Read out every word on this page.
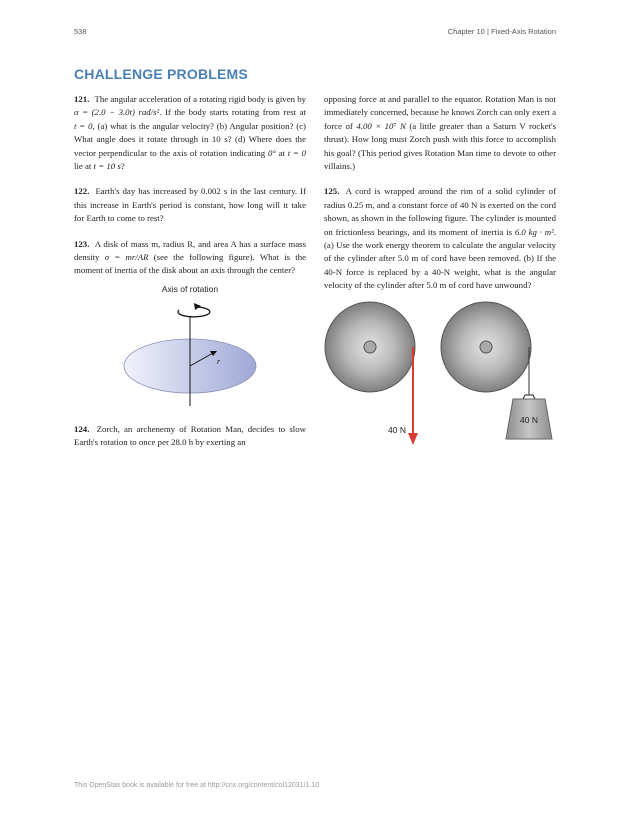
538	Chapter 10 | Fixed-Axis Rotation
CHALLENGE PROBLEMS

121. The angular acceleration of a rotating rigid body is given by α = (2.0 − 3.0t) rad/s². If the body starts rotating from rest at t = 0, (a) what is the angular velocity? (b) Angular position? (c) What angle does it rotate through in 10 s? (d) Where does the vector perpendicular to the axis of rotation indicating 0° at t = 0 lie at t = 10 s?

122. Earth's day has increased by 0.002 s in the last century. If this increase in Earth's period is constant, how long will it take for Earth to come to rest?

123. A disk of mass m, radius R, and area A has a surface mass density σ = mr/AR (see the following figure). What is the moment of inertia of the disk about an axis through the center?

Axis of rotation
r

124. Zorch, an archenemy of Rotation Man, decides to slow Earth's rotation to once per 28.0 h by exerting an

opposing force at and parallel to the equator. Rotation Man is not immediately concerned, because he knows Zorch can only exert a force of 4.00 × 10⁷ N (a little greater than a Saturn V rocket's thrust). How long must Zorch push with this force to accomplish his goal? (This period gives Rotation Man time to devote to other villains.)

125. A cord is wrapped around the rim of a solid cylinder of radius 0.25 m, and a constant force of 40 N is exerted on the cord shown, as shown in the following figure. The cylinder is mounted on frictionless bearings, and its moment of inertia is 6.0 kg · m². (a) Use the work energy theorem to calculate the angular velocity of the cylinder after 5.0 m of cord have been removed. (b) If the 40-N force is replaced by a 40-N weight, what is the angular velocity of the cylinder after 5.0 m of cord have unwound?

40 N
40 N
This OpenStax book is available for free at http://cnx.org/content/col12031/1.10
